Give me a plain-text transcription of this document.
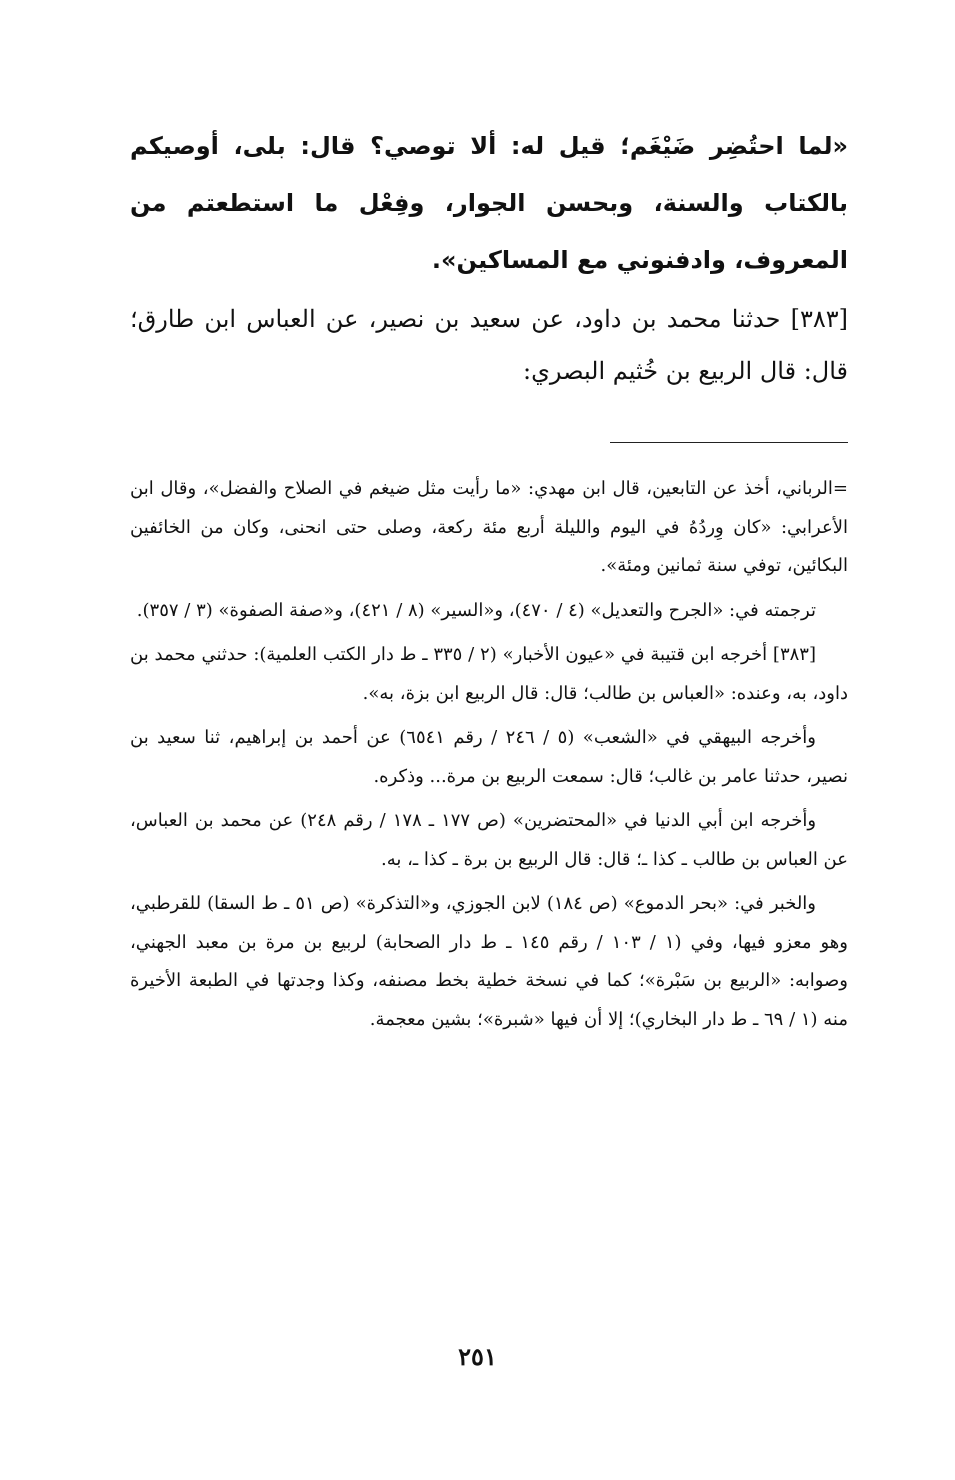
«لما احتُضِر ضَيْغَم؛ قيل له: ألا توصي؟ قال: بلى، أوصيكم بالكتاب والسنة، وبحسن الجوار، وفِعْل ما استطعتم من المعروف، وادفنوني مع المساكين».

[٣٨٣] حدثنا محمد بن داود، عن سعيد بن نصير، عن العباس ابن طارق؛ قال: قال الربيع بن خُثيم البصري:

=الرباني، أخذ عن التابعين، قال ابن مهدي: «ما رأيت مثل ضيغم في الصلاح والفضل»، وقال ابن الأعرابي: «كان وِردُهُ في اليوم والليلة أربع مئة ركعة، وصلى حتى انحنى، وكان من الخائفين البكائين، توفي سنة ثمانين ومئة».

ترجمته في: «الجرح والتعديل» (٤ / ٤٧٠)، و«السير» (٨ / ٤٢١)، و«صفة الصفوة» (٣ / ٣٥٧).

[٣٨٣] أخرجه ابن قتيبة في «عيون الأخبار» (٢ / ٣٣٥ ـ ط دار الكتب العلمية): حدثني محمد بن داود، به، وعنده: «العباس بن طالب؛ قال: قال الربيع ابن بزة، به».

وأخرجه البيهقي في «الشعب» (٥ / ٢٤٦ / رقم ٦٥٤١) عن أحمد بن إبراهيم، ثنا سعيد بن نصير، حدثنا عامر بن غالب؛ قال: سمعت الربيع بن مرة... وذكره.

وأخرجه ابن أبي الدنيا في «المحتضرين» (ص ١٧٧ ـ ١٧٨ / رقم ٢٤٨) عن محمد بن العباس، عن العباس بن طالب ـ كذا ـ؛ قال: قال الربيع بن برة ـ كذا ـ، به.

والخبر في: «بحر الدموع» (ص ١٨٤) لابن الجوزي، و«التذكرة» (ص ٥١ ـ ط السقا) للقرطبي، وهو معزو فيها، وفي (١ / ١٠٣ / رقم ١٤٥ ـ ط دار الصحابة) لربيع بن مرة بن معبد الجهني، وصوابه: «الربيع بن سَبْرة»؛ كما في نسخة خطية بخط مصنفه، وكذا وجدتها في الطبعة الأخيرة منه (١ / ٦٩ ـ ط دار البخاري)؛ إلا أن فيها «شبرة»؛ بشين معجمة.

٢٥١
